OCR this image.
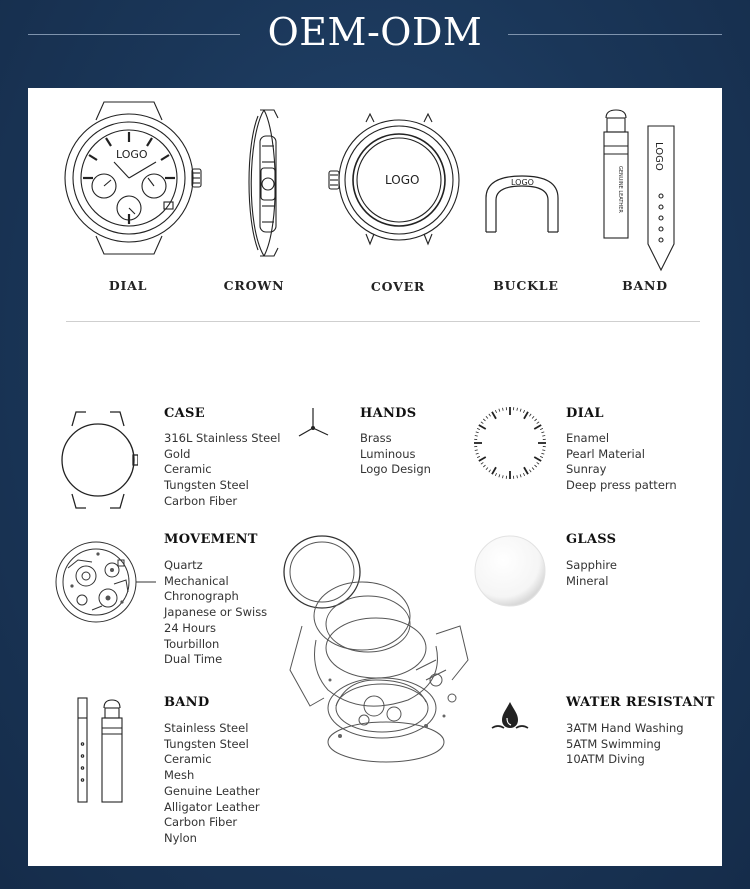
OEM-ODM
LOGO
DIAL	CROWN
LOGO
COVER
LOGO
BUCKLE
LOGO
GENUINE LEATHER
BAND
CASE
316L Stainless Steel
Gold
Ceramic
Tungsten Steel
Carbon Fiber
HANDS
Brass
Luminous
Logo Design
DIAL
Enamel
Pearl Material
Sunray
Deep press pattern
MOVEMENT
Quartz
Mechanical
Chronograph
Japanese or Swiss
24 Hours
Tourbillon
Dual Time
GLASS
Sapphire
Mineral
BAND
Stainless Steel
Tungsten Steel
Ceramic
Mesh
Genuine Leather
Alligator Leather
Carbon Fiber
Nylon
WATER RESISTANT
3ATM Hand Washing
5ATM Swimming
10ATM Diving
